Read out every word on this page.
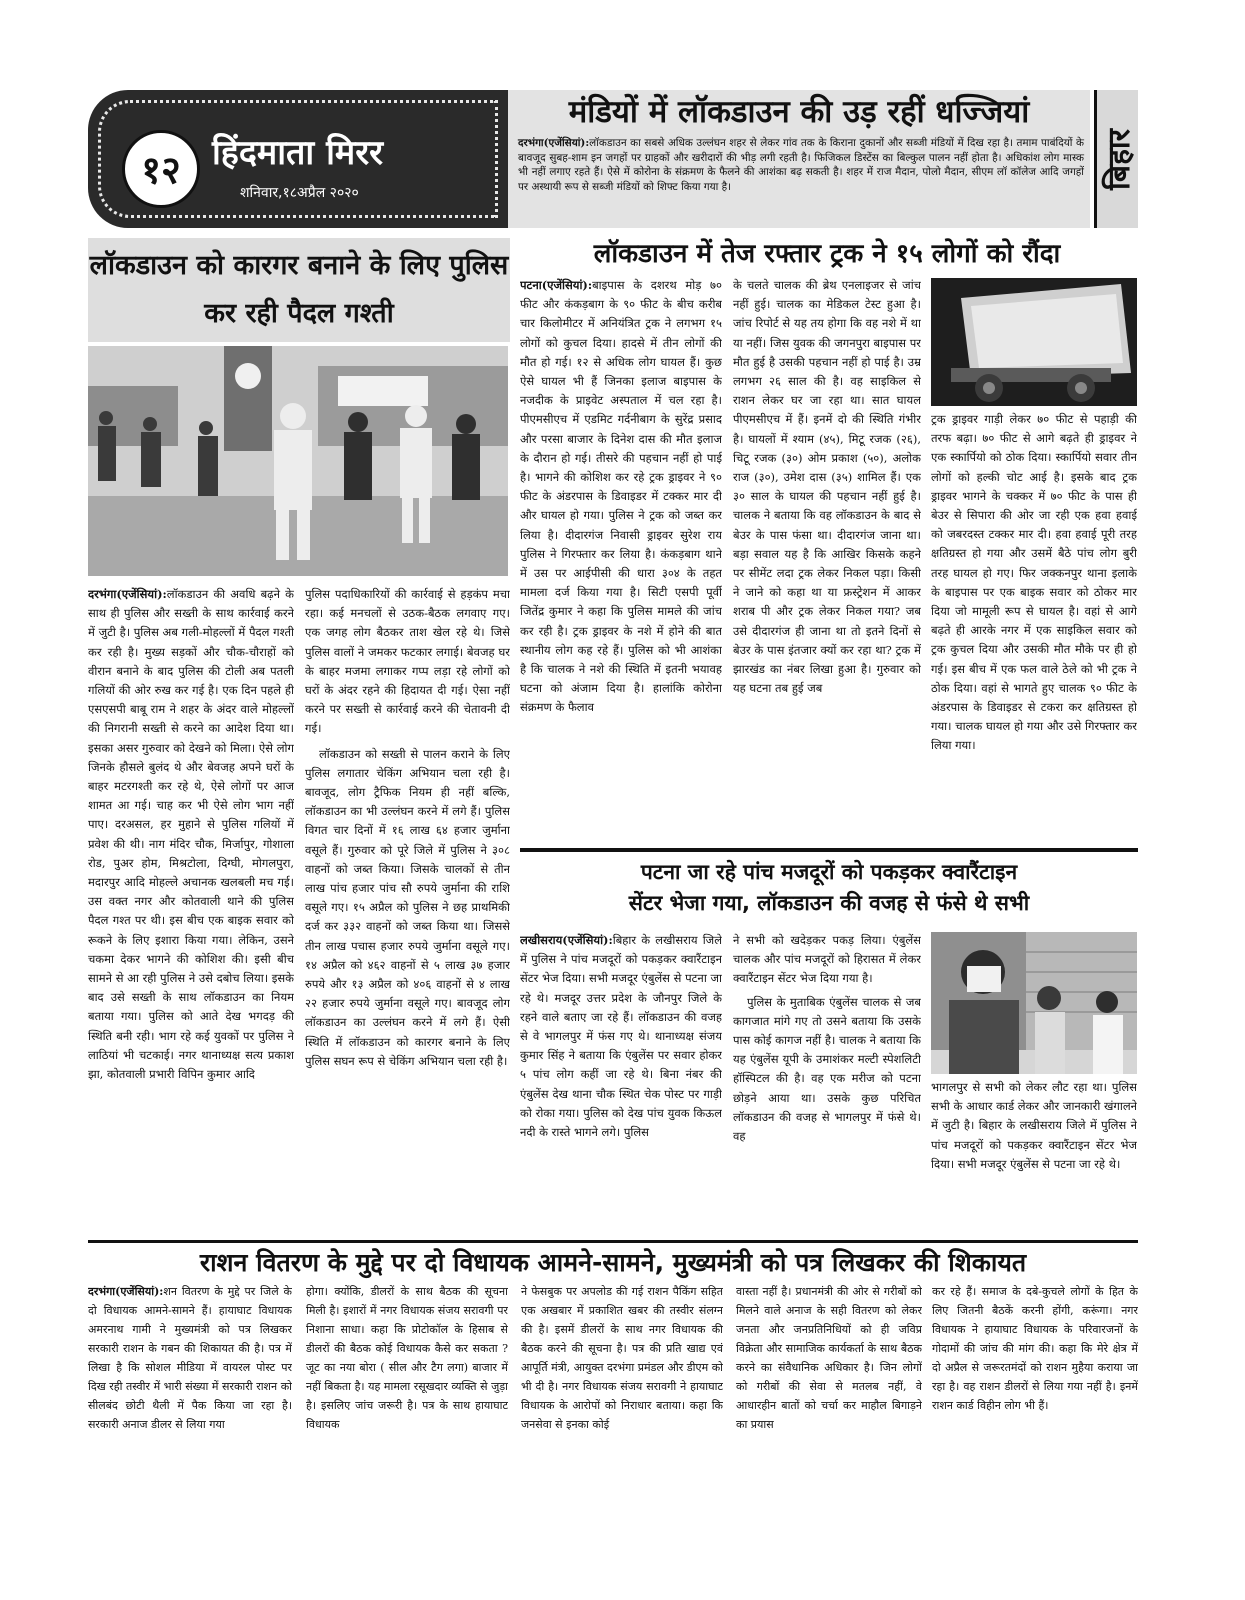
१२ हिंदमाता मिरर
शनिवार,१८अप्रैल २०२०
मंडियों में लॉकडाउन की उड़ रहीं धज्जियां
दरभंगा(एजेंसियां):लॉकडाउन का सबसे अधिक उल्लंघन शहर से लेकर गांव तक के किराना दुकानों और सब्जी मंडियों में दिख रहा है। तमाम पाबंदियों के बावजूद सुबह-शाम इन जगहों पर ग्राहकों और खरीदारों की भीड़ लगी रहती है। फिजिकल डिस्टेंस का बिल्कुल पालन नहीं होता है। अधिकांश लोग मास्क भी नहीं लगाए रहते हैं। ऐसे में कोरोना के संक्रमण के फैलने की आशंका बढ़ सकती है। शहर में राज मैदान, पोलो मैदान, सीएम लॉ कॉलेज आदि जगहों पर अस्थायी रूप से सब्जी मंडियों को शिफ्ट किया गया है।	बिहार
लॉकडाउन को कारगर बनाने के लिए पुलिस कर रही पैदल गश्ती
दरभंगा(एजेंसियां):लॉकडाउन की अवधि बढ़ने के साथ ही पुलिस और सख्ती के साथ कार्रवाई करने में जुटी है। पुलिस अब गली-मोहल्लों में पैदल गश्ती कर रही है। मुख्य सड़कों और चौक-चौराहों को वीरान बनाने के बाद पुलिस की टोली अब पतली गलियों की ओर रुख कर गई है। एक दिन पहले ही एसएसपी बाबू राम ने शहर के अंदर वाले मोहल्लों की निगरानी सख्ती से करने का आदेश दिया था। इसका असर गुरुवार को देखने को मिला। ऐसे लोग जिनके हौसले बुलंद थे और बेवजह अपने घरों के बाहर मटरगश्ती कर रहे थे, ऐसे लोगों पर आज शामत आ गई। चाह कर भी ऐसे लोग भाग नहीं पाए। दरअसल, हर मुहाने से पुलिस गलियों में प्रवेश की थी। नाग मंदिर चौक, मिर्जापुर, गोशाला रोड, पुअर होम, मिश्रटोला, दिग्घी, मोगलपुरा, मदारपुर आदि मोहल्ले अचानक खलबली मच गई। उस वक्त नगर और कोतवाली थाने की पुलिस पैदल गश्त पर थी। इस बीच एक बाइक सवार को रूकने के लिए इशारा किया गया। लेकिन, उसने चकमा देकर भागने की कोशिश की। इसी बीच सामने से आ रही पुलिस ने उसे दबोच लिया। इसके बाद उसे सख्ती के साथ लॉकडाउन का नियम बताया गया। पुलिस को आते देख भगदड़ की स्थिति बनी रही। भाग रहे कई युवकों पर पुलिस ने लाठियां भी चटकाई। नगर थानाध्यक्ष सत्य प्रकाश झा, कोतवाली प्रभारी विपिन कुमार आदि

पुलिस पदाधिकारियों की कार्रवाई से हड़कंप मचा रहा। कई मनचलों से उठक-बैठक लगवाए गए। एक जगह लोग बैठकर ताश खेल रहे थे। जिसे पुलिस वालों ने जमकर फटकार लगाई। बेवजह घर के बाहर मजमा लगाकर गप्प लड़ा रहे लोगों को घरों के अंदर रहने की हिदायत दी गई। ऐसा नहीं करने पर सख्ती से कार्रवाई करने की चेतावनी दी गई।

लॉकडाउन को सख्ती से पालन कराने के लिए पुलिस लगातार चेकिंग अभियान चला रही है। बावजूद, लोग ट्रैफिक नियम ही नहीं बल्कि, लॉकडाउन का भी उल्लंघन करने में लगे हैं। पुलिस विगत चार दिनों में १६ लाख ६४ हजार जुर्माना वसूले हैं। गुरुवार को पूरे जिले में पुलिस ने ३०८ वाहनों को जब्त किया। जिसके चालकों से तीन लाख पांच हजार पांच सौ रुपये जुर्माना की राशि वसूले गए। १५ अप्रैल को पुलिस ने छह प्राथमिकी दर्ज कर ३३२ वाहनों को जब्त किया था। जिससे तीन लाख पचास हजार रुपये जुर्माना वसूले गए। १४ अप्रैल को ४६२ वाहनों से ५ लाख ३७ हजार रुपये और १३ अप्रैल को ४०६ वाहनों से ४ लाख २२ हजार रुपये जुर्माना वसूले गए। बावजूद लोग लॉकडाउन का उल्लंघन करने में लगे हैं। ऐसी स्थिति में लॉकडाउन को कारगर बनाने के लिए पुलिस सघन रूप से चेकिंग अभियान चला रही है।

लॉकडाउन में तेज रफ्तार ट्रक ने १५ लोगों को रौंदा
पटना(एजेंसियां):बाइपास के दशरथ मोड़ ७० फीट और कंकड़बाग के ९० फीट के बीच करीब चार किलोमीटर में अनियंत्रित ट्रक ने लगभग १५ लोगों को कुचल दिया। हादसे में तीन लोगों की मौत हो गई। १२ से अधिक लोग घायल हैं। कुछ ऐसे घायल भी हैं जिनका इलाज बाइपास के नजदीक के प्राइवेट अस्पताल में चल रहा है। पीएमसीएच में एडमिट गर्दनीबाग के सुरेंद्र प्रसाद और परसा बाजार के दिनेश दास की मौत इलाज के दौरान हो गई। तीसरे की पहचान नहीं हो पाई है। भागने की कोशिश कर रहे ट्रक ड्राइवर ने ९० फीट के अंडरपास के डिवाइडर में टक्कर मार दी और घायल हो गया। पुलिस ने ट्रक को जब्त कर लिया है। दीदारगंज निवासी ड्राइवर सुरेश राय पुलिस ने गिरफ्तार कर लिया है। कंकड़बाग थाने में उस पर आईपीसी की धारा ३०४ के तहत मामला दर्ज किया गया है। सिटी एसपी पूर्वी जितेंद्र कुमार ने कहा कि पुलिस मामले की जांच कर रही है। ट्रक ड्राइवर के नशे में होने की बात स्थानीय लोग कह रहे हैं। पुलिस को भी आशंका है कि चालक ने नशे की स्थिति में इतनी भयावह घटना को अंजाम दिया है। हालांकि कोरोना संक्रमण के फैलाव
के चलते चालक की ब्रेथ एनलाइजर से जांच नहीं हुई। चालक का मेडिकल टेस्ट हुआ है। जांच रिपोर्ट से यह तय होगा कि वह नशे में था या नहीं। जिस युवक की जगनपुरा बाइपास पर मौत हुई है उसकी पहचान नहीं हो पाई है। उम्र लगभग २६ साल की है। वह साइकिल से राशन लेकर घर जा रहा था। सात घायल पीएमसीएच में हैं। इनमें दो की स्थिति गंभीर है। घायलों में श्याम (४५), मिटू रजक (२६), चिटू रजक (३०) ओम प्रकाश (५०), अलोक राज (३०), उमेश दास (३५) शामिल हैं। एक ३० साल के घायल की पहचान नहीं हुई है। चालक ने बताया कि वह लॉकडाउन के बाद से बेउर के पास फंसा था। दीदारगंज जाना था। बड़ा सवाल यह है कि आखिर किसके कहने पर सीमेंट लदा ट्रक लेकर निकल पड़ा। किसी ने जाने को कहा था या फ्रस्ट्रेशन में आकर शराब पी और ट्रक लेकर निकल गया? जब उसे दीदारगंज ही जाना था तो इतने दिनों से बेउर के पास इंतजार क्यों कर रहा था? ट्रक में झारखंड का नंबर लिखा हुआ है। गुरुवार को यह घटना तब हुई जब
ट्रक ड्राइवर गाड़ी लेकर ७० फीट से पहाड़ी की तरफ बढ़ा। ७० फीट से आगे बढ़ते ही ड्राइवर ने एक स्कार्पियो को ठोक दिया। स्कार्पियो सवार तीन लोगों को हल्की चोट आई है। इसके बाद ट्रक ड्राइवर भागने के चक्कर में ७० फीट के पास ही बेउर से सिपारा की ओर जा रही एक हवा हवाई को जबरदस्त टक्कर मार दी। हवा हवाई पूरी तरह क्षतिग्रस्त हो गया और उसमें बैठे पांच लोग बुरी तरह घायल हो गए। फिर जक्कनपुर थाना इलाके के बाइपास पर एक बाइक सवार को ठोकर मार दिया जो मामूली रूप से घायल है। वहां से आगे बढ़ते ही आरके नगर में एक साइकिल सवार को ट्रक कुचल दिया और उसकी मौत मौके पर ही हो गई। इस बीच में एक फल वाले ठेले को भी ट्रक ने ठोक दिया। वहां से भागते हुए चालक ९० फीट के अंडरपास के डिवाइडर से टकरा कर क्षतिग्रस्त हो गया। चालक घायल हो गया और उसे गिरफ्तार कर लिया गया।
पटना जा रहे पांच मजदूरों को पकड़कर क्वारैंटाइन
सेंटर भेजा गया, लॉकडाउन की वजह से फंसे थे सभी
लखीसराय(एजेंसियां):बिहार के लखीसराय जिले में पुलिस ने पांच मजदूरों को पकड़कर क्वारैंटाइन सेंटर भेज दिया। सभी मजदूर एंबुलेंस से पटना जा रहे थे। मजदूर उत्तर प्रदेश के जौनपुर जिले के रहने वाले बताए जा रहे हैं। लॉकडाउन की वजह से वे भागलपुर में फंस गए थे। थानाध्यक्ष संजय कुमार सिंह ने बताया कि एंबुलेंस पर सवार होकर ५ पांच लोग कहीं जा रहे थे। बिना नंबर की एंबुलेंस देख थाना चौक स्थित चेक पोस्ट पर गाड़ी को रोका गया। पुलिस को देख पांच युवक किऊल नदी के रास्ते भागने लगे। पुलिस

ने सभी को खदेड़कर पकड़ लिया। एंबुलेंस चालक और पांच मजदूरों को हिरासत में लेकर क्वारैंटाइन सेंटर भेज दिया गया है।

पुलिस के मुताबिक एंबुलेंस चालक से जब कागजात मांगे गए तो उसने बताया कि उसके पास कोई कागज नहीं है। चालक ने बताया कि यह एंबुलेंस यूपी के उमाशंकर मल्टी स्पेशलिटी हॉस्पिटल की है। वह एक मरीज को पटना छोड़ने आया था। उसके कुछ परिचित लॉकडाउन की वजह से भागलपुर में फंसे थे। वह

भागलपुर से सभी को लेकर लौट रहा था। पुलिस सभी के आधार कार्ड लेकर और जानकारी खंगालने में जुटी है। बिहार के लखीसराय जिले में पुलिस ने पांच मजदूरों को पकड़कर क्वारैंटाइन सेंटर भेज दिया। सभी मजदूर एंबुलेंस से पटना जा रहे थे।
राशन वितरण के मुद्दे पर दो विधायक आमने-सामने, मुख्यमंत्री को पत्र लिखकर की शिकायत
दरभंगा(एजेंसियां):शन वितरण के मुद्दे पर जिले के दो विधायक आमने-सामने हैं। हायाघाट विधायक अमरनाथ गामी ने मुख्यमंत्री को पत्र लिखकर सरकारी राशन के गबन की शिकायत की है। पत्र में लिखा है कि सोशल मीडिया में वायरल पोस्ट पर दिख रही तस्वीर में भारी संख्या में सरकारी राशन को सीलबंद छोटी थैली में पैक किया जा रहा है। सरकारी अनाज डीलर से लिया गया
होगा। क्योंकि, डीलरों के साथ बैठक की सूचना मिली है। इशारों में नगर विधायक संजय सरावगी पर निशाना साधा। कहा कि प्रोटोकॉल के हिसाब से डीलरों की बैठक कोई विधायक कैसे कर सकता ? जूट का नया बोरा ( सील और टैग लगा) बाजार में नहीं बिकता है। यह मामला रसूखदार व्यक्ति से जुड़ा है। इसलिए जांच जरूरी है। पत्र के साथ हायाघाट विधायक
ने फेसबुक पर अपलोड की गई राशन पैकिंग सहित एक अखबार में प्रकाशित खबर की तस्वीर संलग्न की है। इसमें डीलरों के साथ नगर विधायक की बैठक करने की सूचना है। पत्र की प्रति खाद्य एवं आपूर्ति मंत्री, आयुक्त दरभंगा प्रमंडल और डीएम को भी दी है। नगर विधायक संजय सरावगी ने हायाघाट विधायक के आरोपों को निराधार बताया। कहा कि जनसेवा से इनका कोई
वास्ता नहीं है। प्रधानमंत्री की ओर से गरीबों को मिलने वाले अनाज के सही वितरण को लेकर जनता और जनप्रतिनिधियों को ही जविप्र विक्रेता और सामाजिक कार्यकर्ता के साथ बैठक करने का संवैधानिक अधिकार है। जिन लोगों को गरीबों की सेवा से मतलब नहीं, वे आधारहीन बातों को चर्चा कर माहौल बिगाड़ने का प्रयास
कर रहे हैं। समाज के दबे-कुचले लोगों के हित के लिए जितनी बैठकें करनी होंगी, करूंगा। नगर विधायक ने हायाघाट विधायक के परिवारजनों के गोदामों की जांच की मांग की। कहा कि मेरे क्षेत्र में दो अप्रैल से जरूरतमंदों को राशन मुहैया कराया जा रहा है। वह राशन डीलरों से लिया गया नहीं है। इनमें राशन कार्ड विहीन लोग भी हैं।
